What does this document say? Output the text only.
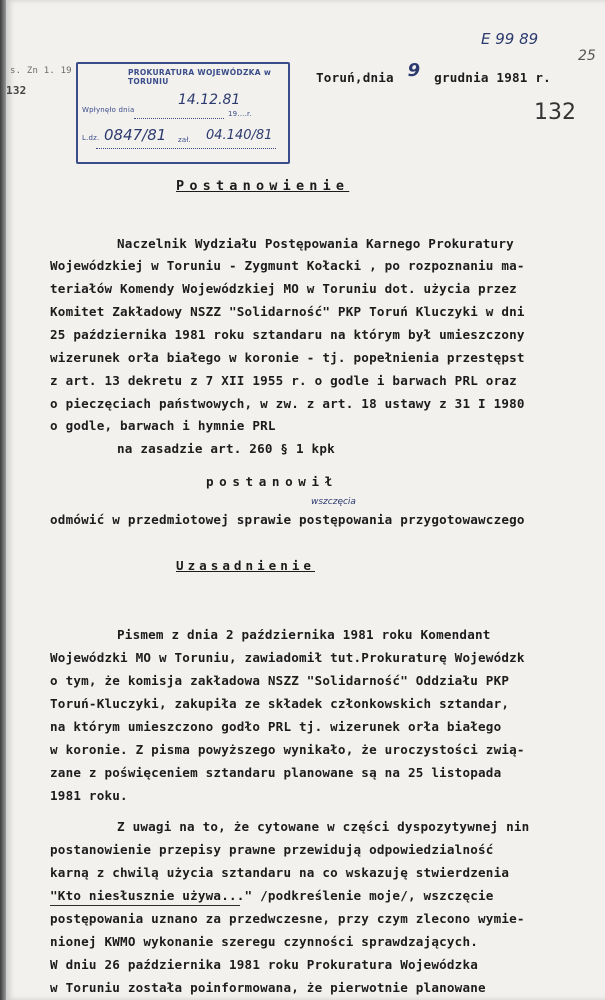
s. Zn 1. 19
132
PROKURATURA WOJEWÓDZKA w TORUNIU
Wpłynęło dnia
14.12.81
19....r.
L.dz. 0847/81 zał. 04.140/81
Toruń,dnia 9 grudnia 1981 r.
E 99 89
25
132
Postanowienie
Naczelnik Wydziału Postępowania Karnego Prokuratury
Wojewódzkiej w Toruniu - Zygmunt Kołacki , po rozpoznaniu ma-
teriałów Komendy Wojewódzkiej MO w Toruniu dot. użycia przez
Komitet Zakładowy NSZZ "Solidarność" PKP Toruń Kluczyki w dni
25 października 1981 roku sztandaru na którym był umieszczony
wizerunek orła białego w koronie - tj. popełnienia przestępst
z art. 13 dekretu z 7 XII 1955 r. o godle i barwach PRL oraz
o pieczęciach państwowych, w zw. z art. 18 ustawy z 31 I 1980
o godle, barwach i hymnie PRL
na zasadzie art. 260 § 1 kpk
postanowił
wszczęcia
odmówić w przedmiotowej sprawie postępowania przygotowawczego
Uzasadnienie
Pismem z dnia 2 października 1981 roku Komendant
Wojewódzki MO w Toruniu, zawiadomił tut.Prokuraturę Wojewódzk
o tym, że komisja zakładowa NSZZ "Solidarność" Oddziału PKP
Toruń-Kluczyki, zakupiła ze składek członkowskich sztandar,
na którym umieszczono godło PRL tj. wizerunek orła białego
w koronie. Z pisma powyższego wynikało, że uroczystości zwią-
zane z poświęceniem sztandaru planowane są na 25 listopada
1981 roku.
Z uwagi na to, że cytowane w części dyspozytywnej nin
postanowienie przepisy prawne przewidują odpowiedzialność
karną z chwilą użycia sztandaru na co wskazuję stwierdzenia
"Kto niesłusznie używa..." /podkreślenie moje/, wszczęcie
postępowania uznano za przedwczesne, przy czym zlecono wymie-
nionej KWMO wykonanie szeregu czynności sprawdzających.
W dniu 26 października 1981 roku Prokuratura Wojewódzka
w Toruniu została poinformowana, że pierwotnie planowane
